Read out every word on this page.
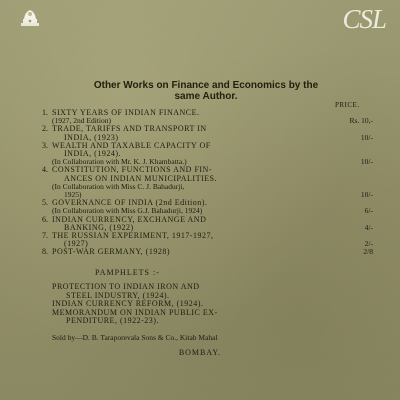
CSL
Other Works on Finance and Economics by the
same Author.
PRICE.
1. SIXTY YEARS OF INDIAN FINANCE.
(1927, 2nd Edition)	Rs. 10,-
2. TRADE, TARIFFS AND TRANSPORT IN
INDIA, (1923)	10/-
3. WEALTH AND TAXABLE CAPACITY OF
INDIA, (1924).
(In Collaboration with Mr. K. J. Khambatta.)	10/-
4. CONSTITUTION, FUNCTIONS AND FIN-
ANCES ON INDIAN MUNICIPALITIES.
(In Collaboration with Miss C. J. Bahadurji,
1925)	10/-
5. GOVERNANCE OF INDIA (2nd Edition).
(In Collaboration with Miss G.J. Bahadurji, 1924)	6/-
6. INDIAN CURRENCY, EXCHANGE AND
BANKING, (1922)	4/-
7. THE RUSSIAN EXPERIMENT, 1917-1927,
(1927)	2/-
8. POST-WAR GERMANY, (1928)	2/8
PAMPHLETS :-
PROTECTION TO INDIAN IRON AND
STEEL INDUSTRY, (1924).
INDIAN CURRENCY REFORM, (1924).
MEMORANDUM ON INDIAN PUBLIC EX-
PENDITURE, (1922-23).
Sold by—D. B. Taraporevala Sons & Co., Kitab Mahal
BOMBAY.
